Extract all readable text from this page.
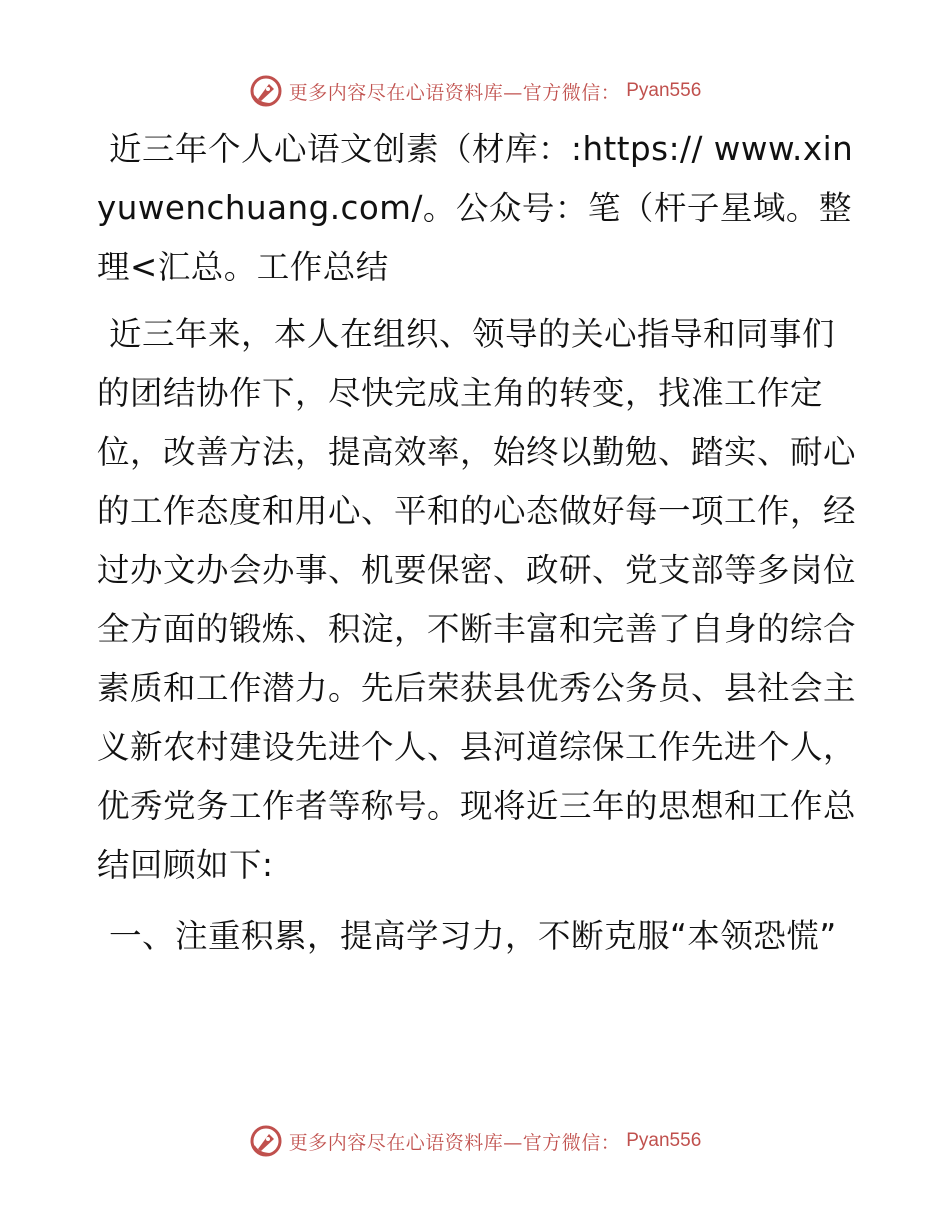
更多内容尽在心语资料库—官方微信： Pyan556

近三年个人心语文创素（材库：:https:// www.xinyuwenchuang.com/。公众号：笔（杆子星域。整理<汇总。工作总结

近三年来，本人在组织、领导的关心指导和同事们的团结协作下，尽快完成主角的转变，找准工作定位，改善方法，提高效率，始终以勤勉、踏实、耐心的工作态度和用心、平和的心态做好每一项工作，经过办文办会办事、机要保密、政研、党支部等多岗位全方面的锻炼、积淀，不断丰富和完善了自身的综合素质和工作潜力。先后荣获县优秀公务员、县社会主义新农村建设先进个人、县河道综保工作先进个人，优秀党务工作者等称号。现将近三年的思想和工作总结回顾如下:

一、注重积累，提高学习力，不断克服“本领恐慌”

更多内容尽在心语资料库—官方微信： Pyan556
